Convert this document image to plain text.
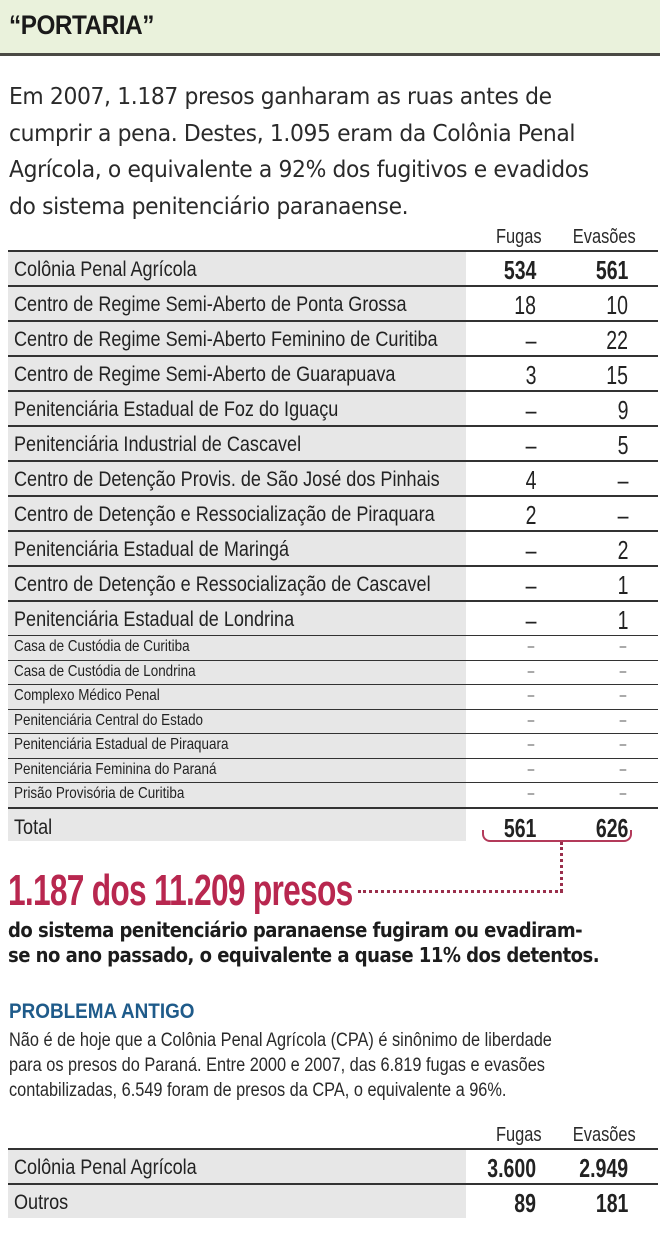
“PORTARIA”
Em 2007, 1.187 presos ganharam as ruas antes de
cumprir a pena. Destes, 1.095 eram da Colônia Penal
Agrícola, o equivalente a 92% dos fugitivos e evadidos
do sistema penitenciário paranaense.
Fugas Evasões
Colônia Penal Agrícola	534 561
Centro de Regime Semi-Aberto de Ponta Grossa	18	10
Centro de Regime Semi-Aberto Feminino de Curitiba	–	22
Centro de Regime Semi-Aberto de Guarapuava	3	15
Penitenciária Estadual de Foz do Iguaçu	–	9
Penitenciária Industrial de Cascavel	–	5
Centro de Detenção Provis. de São José dos Pinhais	4	–
Centro de Detenção e Ressocialização de Piraquara	2	–
Penitenciária Estadual de Maringá	–	2
Centro de Detenção e Ressocialização de Cascavel	–	1
Penitenciária Estadual de Londrina	–	1
Casa de Custódia de Curitiba	–	–
Casa de Custódia de Londrina	–	–
Complexo Médico Penal	–	–
Penitenciária Central do Estado	–	–
Penitenciária Estadual de Piraquara	–	–
Penitenciária Feminina do Paraná	–	–
Prisão Provisória de Curitiba	–	–
Total	561 626
1.187 dos 11.209 presos
do sistema penitenciário paranaense fugiram ou evadiram-
se no ano passado, o equivalente a quase 11% dos detentos.
PROBLEMA ANTIGO
Não é de hoje que a Colônia Penal Agrícola (CPA) é sinônimo de liberdade
para os presos do Paraná. Entre 2000 e 2007, das 6.819 fugas e evasões
contabilizadas, 6.549 foram de presos da CPA, o equivalente a 96%.
Fugas Evasões
Colônia Penal Agrícola	3.600 2.949
Outros	89 181
